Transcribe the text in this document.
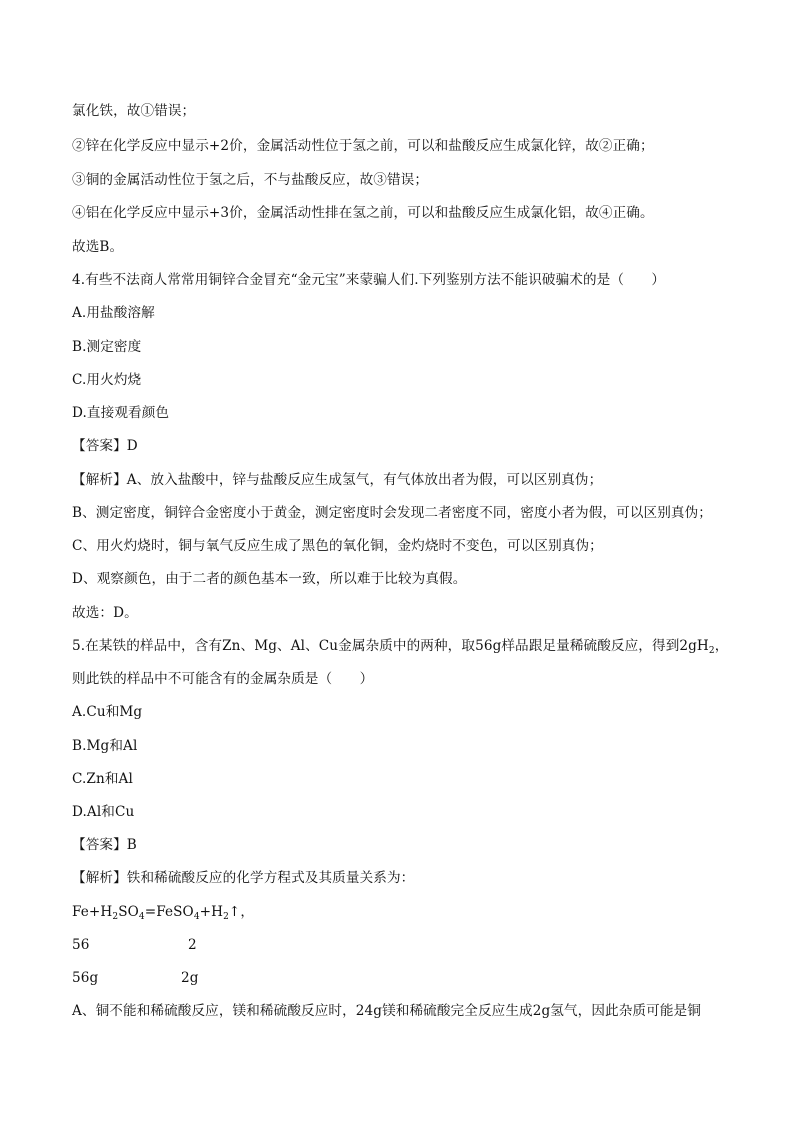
氯化铁，故①错误；
②锌在化学反应中显示+2价，金属活动性位于氢之前，可以和盐酸反应生成氯化锌，故②正确；
③铜的金属活动性位于氢之后，不与盐酸反应，故③错误；
④铝在化学反应中显示+3价，金属活动性排在氢之前，可以和盐酸反应生成氯化铝，故④正确。
故选B。
4.有些不法商人常常用铜锌合金冒充“金元宝”来蒙骗人们.下列鉴别方法不能识破骗术的是（　　）
A.用盐酸溶解
B.测定密度
C.用火灼烧
D.直接观看颜色
【答案】D
【解析】A、放入盐酸中，锌与盐酸反应生成氢气，有气体放出者为假，可以区别真伪；
B、测定密度，铜锌合金密度小于黄金，测定密度时会发现二者密度不同，密度小者为假，可以区别真伪；
C、用火灼烧时，铜与氧气反应生成了黑色的氧化铜，金灼烧时不变色，可以区别真伪；
D、观察颜色，由于二者的颜色基本一致，所以难于比较为真假。
故选：D。
5.在某铁的样品中，含有Zn、Mg、Al、Cu金属杂质中的两种，取56g样品跟足量稀硫酸反应，得到$2gH_2$，
则此铁的样品中不可能含有的金属杂质是（　　）
A.Cu和Mg
B.Mg和Al
C.Zn和Al
D.Al和Cu
【答案】B
【解析】铁和稀硫酸反应的化学方程式及其质量关系为：
$Fe+H_2SO_4=FeSO_4+H_2↑$，
56	2
56g	2g
A、铜不能和稀硫酸反应，镁和稀硫酸反应时，24g镁和稀硫酸完全反应生成2g氢气，因此杂质可能是铜
